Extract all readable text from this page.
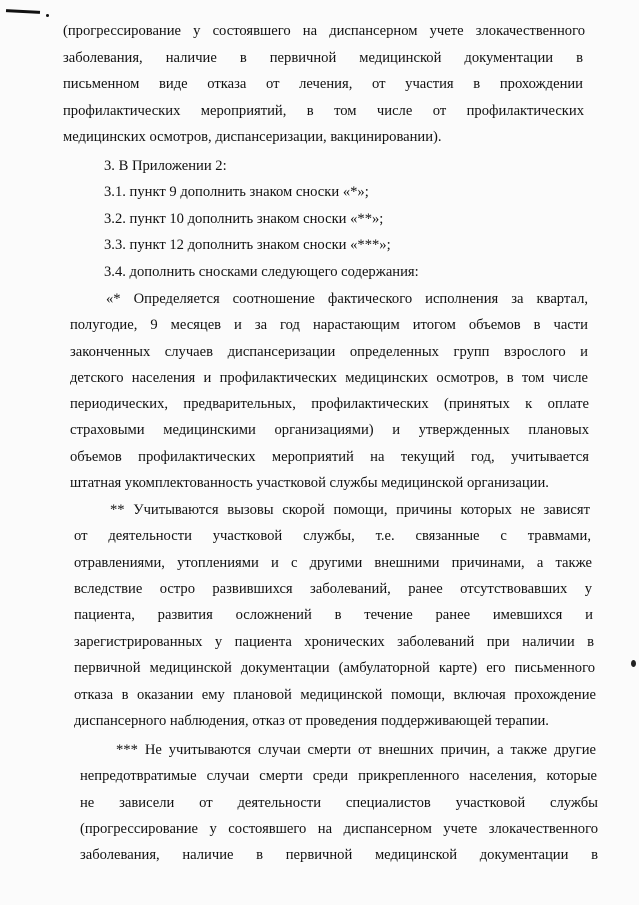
(прогрессирование у состоявшего на диспансерном учете злокачественного
заболевания, наличие в первичной медицинской документации в
письменном виде отказа от лечения, от участия в прохождении
профилактических мероприятий, в том числе от профилактических
медицинских осмотров, диспансеризации, вакцинировании).
3. В Приложении 2:
3.1. пункт 9 дополнить знаком сноски «*»;
3.2. пункт 10 дополнить знаком сноски «**»;
3.3. пункт 12 дополнить знаком сноски «***»;
3.4. дополнить сносками следующего содержания:
«* Определяется соотношение фактического исполнения за квартал,
полугодие, 9 месяцев и за год нарастающим итогом объемов в части
законченных случаев диспансеризации определенных групп взрослого и
детского населения и профилактических медицинских осмотров, в том числе
периодических, предварительных, профилактических (принятых к оплате
страховыми медицинскими организациями) и утвержденных плановых
объемов профилактических мероприятий на текущий год, учитывается
штатная укомплектованность участковой службы медицинской организации.
** Учитываются вызовы скорой помощи, причины которых не зависят
от деятельности участковой службы, т.е. связанные с травмами,
отравлениями, утоплениями и с другими внешними причинами, а также
вследствие остро развившихся заболеваний, ранее отсутствовавших у
пациента, развития осложнений в течение ранее имевшихся и
зарегистрированных у пациента хронических заболеваний при наличии в
первичной медицинской документации (амбулаторной карте) его письменного
отказа в оказании ему плановой медицинской помощи, включая прохождение
диспансерного наблюдения, отказ от проведения поддерживающей терапии.
*** Не учитываются случаи смерти от внешних причин, а также другие
непредотвратимые случаи смерти среди прикрепленного населения, которые
не зависели от деятельности специалистов участковой службы
(прогрессирование у состоявшего на диспансерном учете злокачественного
заболевания, наличие в первичной медицинской документации в
